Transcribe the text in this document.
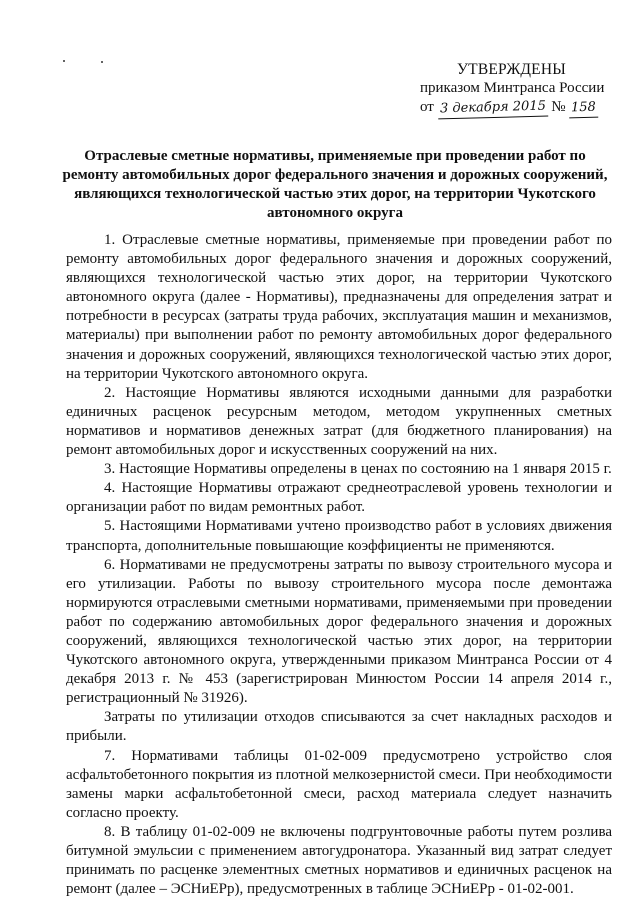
УТВЕРЖДЕНЫ
приказом Минтранса России
от 3 декабря 2015 № 158
Отраслевые сметные нормативы, применяемые при проведении работ по ремонту автомобильных дорог федерального значения и дорожных сооружений, являющихся технологической частью этих дорог, на территории Чукотского автономного округа

1. Отраслевые сметные нормативы, применяемые при проведении работ по ремонту автомобильных дорог федерального значения и дорожных сооружений, являющихся технологической частью этих дорог, на территории Чукотского автономного округа (далее - Нормативы), предназначены для определения затрат и потребности в ресурсах (затраты труда рабочих, эксплуатация машин и механизмов, материалы) при выполнении работ по ремонту автомобильных дорог федерального значения и дорожных сооружений, являющихся технологической частью этих дорог, на территории Чукотского автономного округа.

2. Настоящие Нормативы являются исходными данными для разработки единичных расценок ресурсным методом, методом укрупненных сметных нормативов и нормативов денежных затрат (для бюджетного планирования) на ремонт автомобильных дорог и искусственных сооружений на них.

3. Настоящие Нормативы определены в ценах по состоянию на 1 января 2015 г.

4. Настоящие Нормативы отражают среднеотраслевой уровень технологии и организации работ по видам ремонтных работ.

5. Настоящими Нормативами учтено производство работ в условиях движения транспорта, дополнительные повышающие коэффициенты не применяются.

6. Нормативами не предусмотрены затраты по вывозу строительного мусора и его утилизации. Работы по вывозу строительного мусора после демонтажа нормируются отраслевыми сметными нормативами, применяемыми при проведении работ по содержанию автомобильных дорог федерального значения и дорожных сооружений, являющихся технологической частью этих дорог, на территории Чукотского автономного округа, утвержденными приказом Минтранса России от 4 декабря 2013 г. № 453 (зарегистрирован Минюстом России 14 апреля 2014 г., регистрационный № 31926).

Затраты по утилизации отходов списываются за счет накладных расходов и прибыли.

7. Нормативами таблицы 01-02-009 предусмотрено устройство слоя асфальтобетонного покрытия из плотной мелкозернистой смеси. При необходимости замены марки асфальтобетонной смеси, расход материала следует назначить согласно проекту.

8. В таблицу 01-02-009 не включены подгрунтовочные работы путем розлива битумной эмульсии с применением автогудронатора. Указанный вид затрат следует принимать по расценке элементных сметных нормативов и единичных расценок на ремонт (далее – ЭСНиЕРр), предусмотренных в таблице ЭСНиЕРр - 01-02-001.
